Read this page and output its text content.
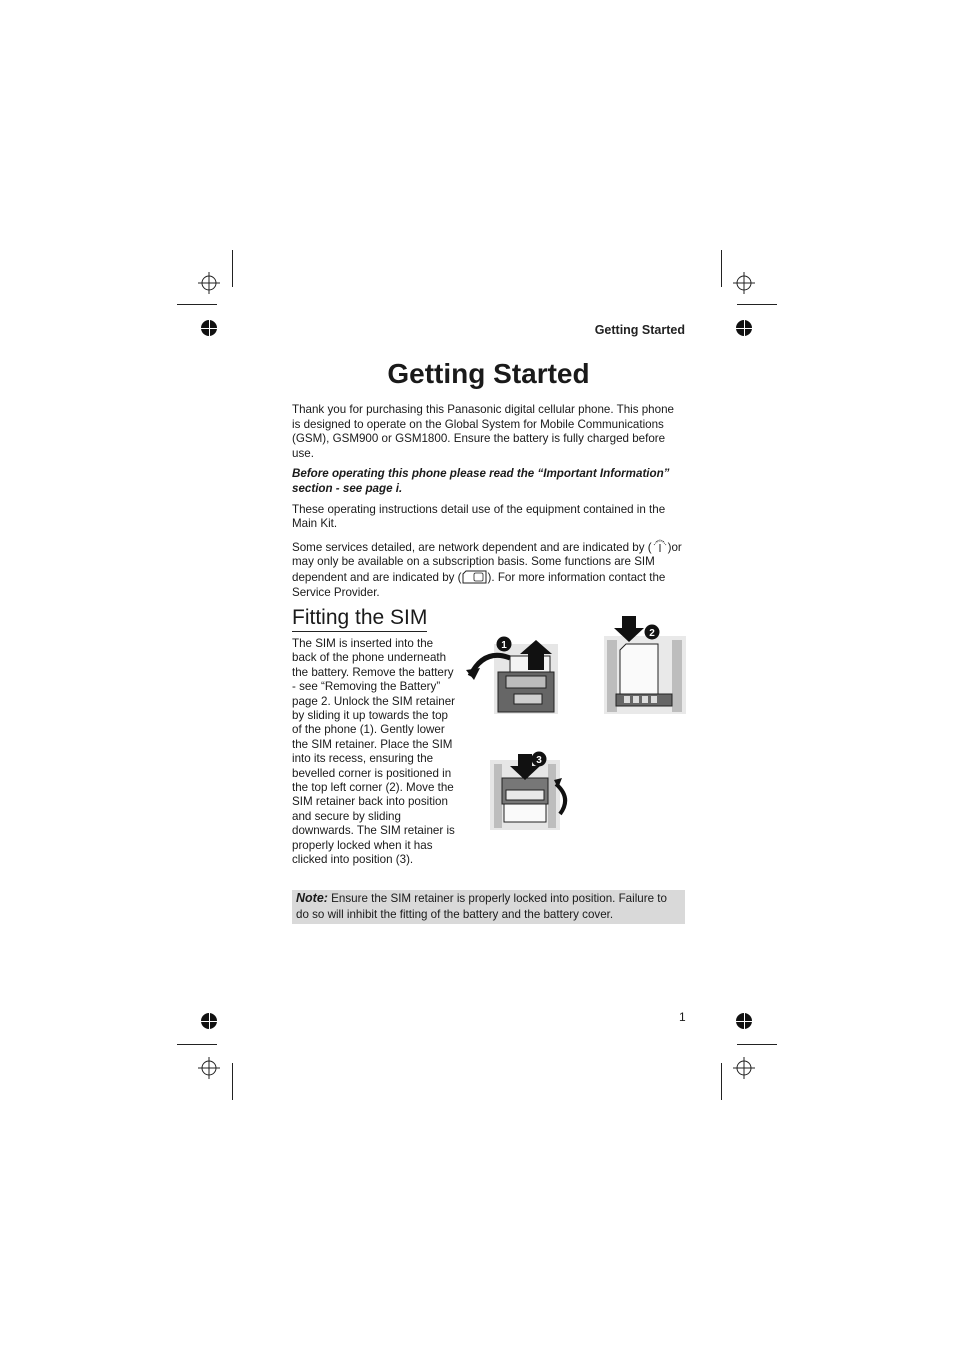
Getting Started
Getting Started

Thank you for purchasing this Panasonic digital cellular phone. This phone is designed to operate on the Global System for Mobile Communications (GSM), GSM900 or GSM1800. Ensure the battery is fully charged before use.

Before operating this phone please read the “Important Information” section - see page i.

These operating instructions detail use of the equipment contained in the Main Kit.

Some services detailed, are network dependent and are indicated by ( )or may only be available on a subscription basis. Some functions are SIM dependent and are indicated by ( ). For more information contact the Service Provider.

Fitting the SIM

The SIM is inserted into the back of the phone underneath the battery. Remove the battery - see “Removing the Battery” page 2. Unlock the SIM retainer by sliding it up towards the top of the phone (1). Gently lower the SIM retainer. Place the SIM into its recess, ensuring the bevelled corner is positioned in the top left corner (2). Move the SIM retainer back into position and secure by sliding downwards. The SIM retainer is properly locked when it has clicked into position (3).

1
2
3
Note: Ensure the SIM retainer is properly locked into position. Failure to do so will inhibit the fitting of the battery and the battery cover.
1
